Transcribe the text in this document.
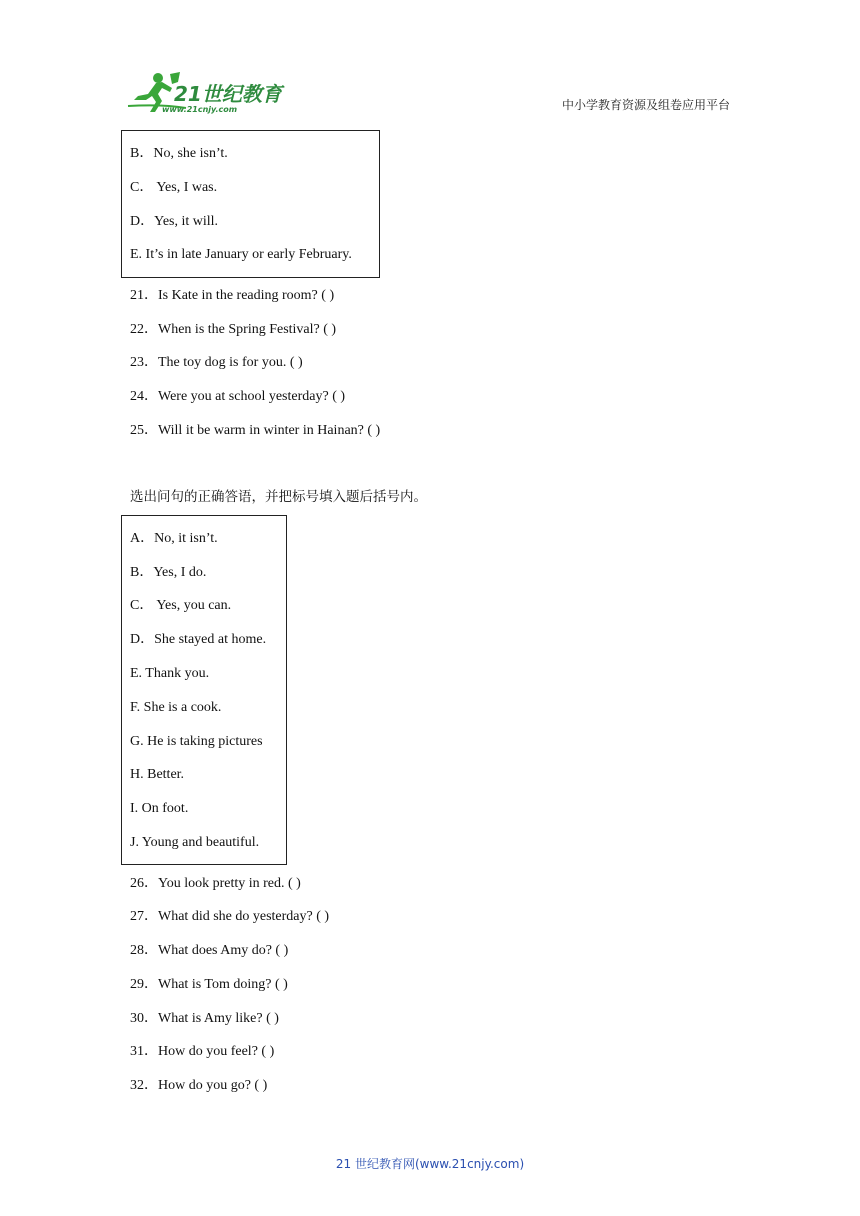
21世纪教育
www.21cnjy.com	中小学教育资源及组卷应用平台
B．No, she isn’t.
C． Yes, I was.
D．Yes, it will.
E. It’s in late January or early February.
21．Is Kate in the reading room? ( )
22．When is the Spring Festival? ( )
23．The toy dog is for you. ( )
24．Were you at school yesterday? ( )
25．Will it be warm in winter in Hainan? ( )
选出问句的正确答语，并把标号填入题后括号内。
A．No, it isn’t.
B．Yes, I do.
C． Yes, you can.
D．She stayed at home.
E. Thank you.
F. She is a cook.
G. He is taking pictures
H. Better.
I. On foot.
J. Young and beautiful.
26．You look pretty in red. ( )
27．What did she do yesterday? ( )
28．What does Amy do? ( )
29．What is Tom doing? ( )
30．What is Amy like? ( )
31．How do you feel? ( )
32．How do you go? ( )
21 世纪教育网(www.21cnjy.com)
